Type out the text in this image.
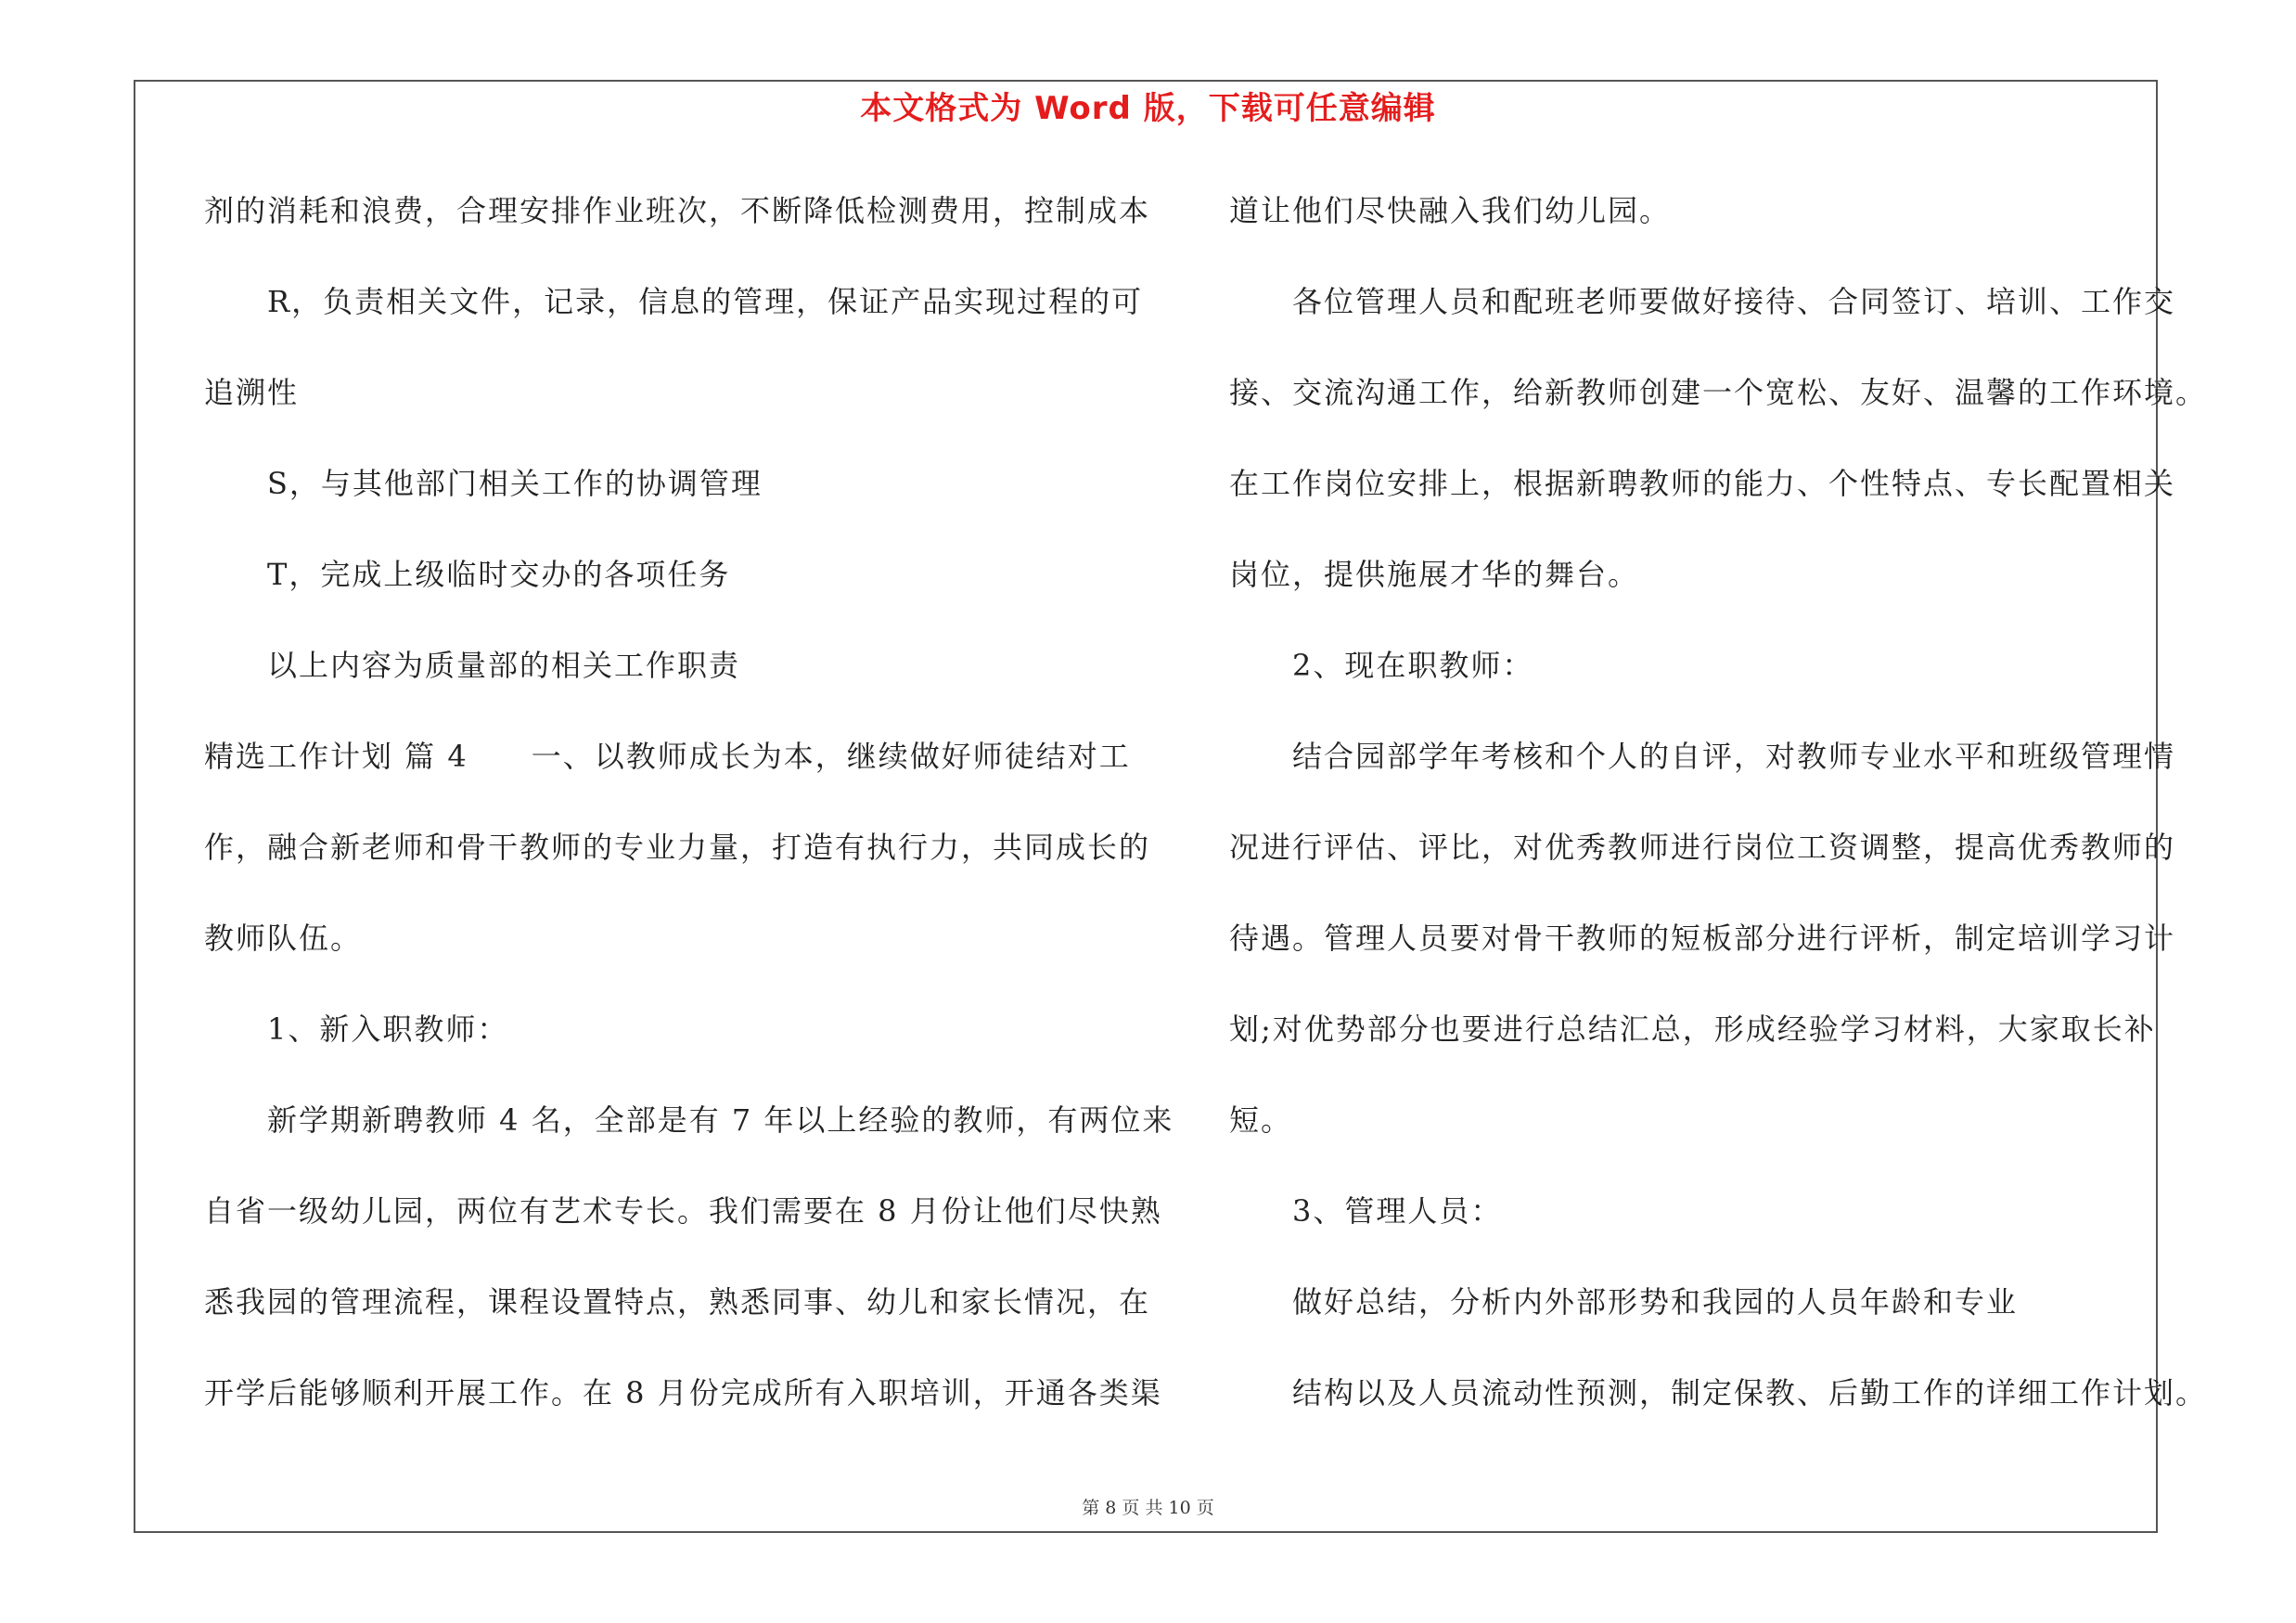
本文格式为 Word 版，下载可任意编辑
剂的消耗和浪费，合理安排作业班次，不断降低检测费用，控制成本
R，负责相关文件，记录，信息的管理，保证产品实现过程的可
追溯性
S，与其他部门相关工作的协调管理
T，完成上级临时交办的各项任务
以上内容为质量部的相关工作职责
精选工作计划 篇 4　　一、以教师成长为本，继续做好师徒结对工
作，融合新老师和骨干教师的专业力量，打造有执行力，共同成长的
教师队伍。
1、新入职教师：
新学期新聘教师 4 名，全部是有 7 年以上经验的教师，有两位来
自省一级幼儿园，两位有艺术专长。我们需要在 8 月份让他们尽快熟
悉我园的管理流程，课程设置特点，熟悉同事、幼儿和家长情况，在
开学后能够顺利开展工作。在 8 月份完成所有入职培训，开通各类渠
道让他们尽快融入我们幼儿园。
各位管理人员和配班老师要做好接待、合同签订、培训、工作交
接、交流沟通工作，给新教师创建一个宽松、友好、温馨的工作环境。
在工作岗位安排上，根据新聘教师的能力、个性特点、专长配置相关
岗位，提供施展才华的舞台。
2、现在职教师：
结合园部学年考核和个人的自评，对教师专业水平和班级管理情
况进行评估、评比，对优秀教师进行岗位工资调整，提高优秀教师的
待遇。管理人员要对骨干教师的短板部分进行评析，制定培训学习计
划;对优势部分也要进行总结汇总，形成经验学习材料，大家取长补
短。
3、管理人员：
做好总结，分析内外部形势和我园的人员年龄和专业
结构以及人员流动性预测，制定保教、后勤工作的详细工作计划。
第 8 页 共 10 页
